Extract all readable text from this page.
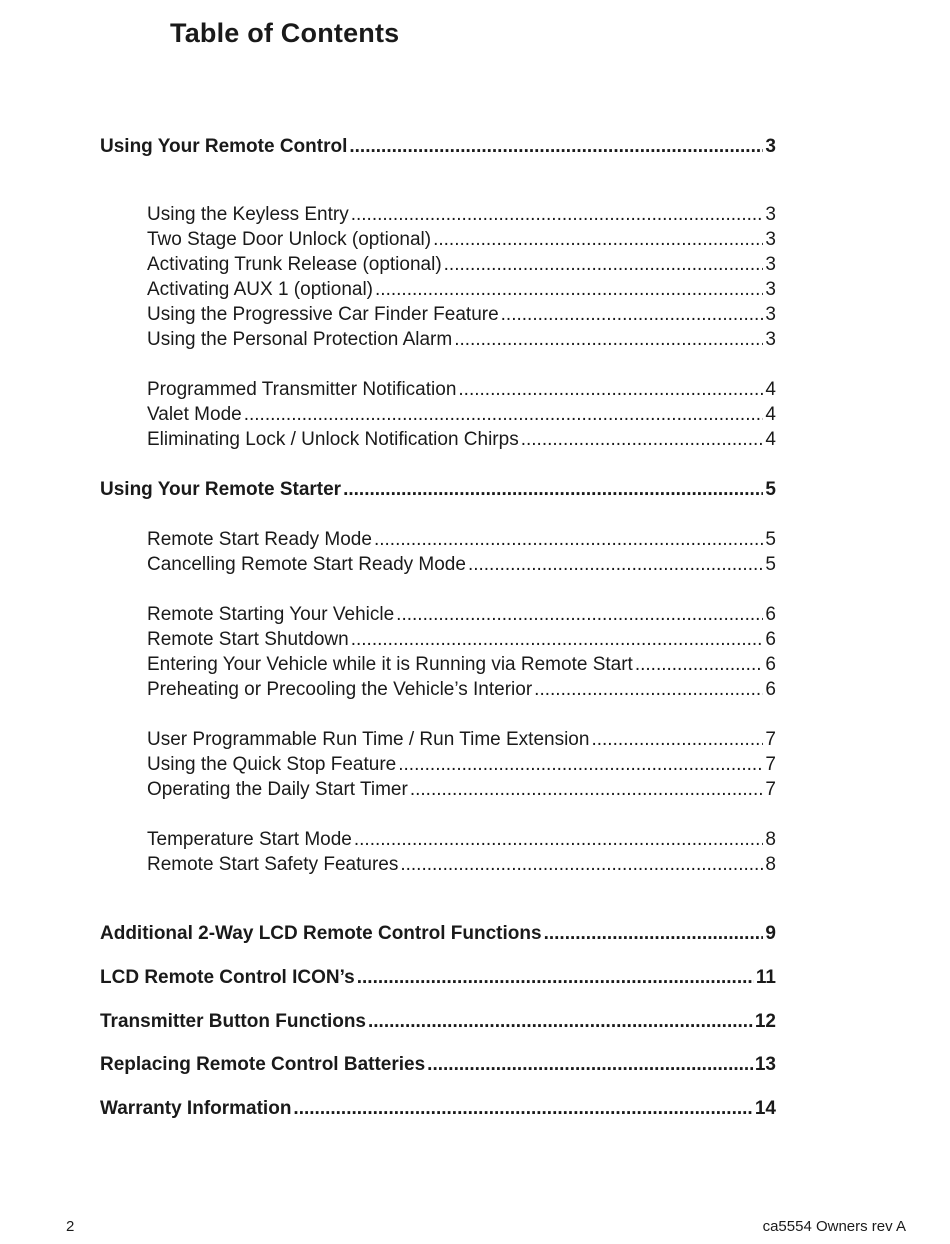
Table of Contents
Using Your Remote Control .....	3
Using the Keyless Entry .....	3
Two Stage Door Unlock (optional) .....	3
Activating Trunk Release (optional) .....	3
Activating AUX 1 (optional) .....	3
Using the Progressive Car Finder Feature .....	3
Using the Personal Protection Alarm .....	3
Programmed Transmitter Notification .....	4
Valet Mode .....	4
Eliminating Lock / Unlock Notification Chirps .....	4
Using Your Remote Starter .....	5
Remote Start Ready Mode .....	5
Cancelling Remote Start Ready Mode .....	5
Remote Starting Your Vehicle .....	6
Remote Start Shutdown .....	6
Entering Your Vehicle while it is Running via Remote Start .....	6
Preheating or Precooling the Vehicle’s Interior .....	6
User Programmable Run Time / Run Time Extension .....	7
Using the Quick Stop Feature .....	7
Operating the Daily Start Timer .....	7
Temperature Start Mode .....	8
Remote Start Safety Features .....	8
Additional 2-Way LCD Remote Control Functions .....	9
LCD Remote Control ICON’s .....	11
Transmitter Button Functions .....	12
Replacing Remote Control Batteries .....	13
Warranty Information .....	14
2	ca5554 Owners rev A
